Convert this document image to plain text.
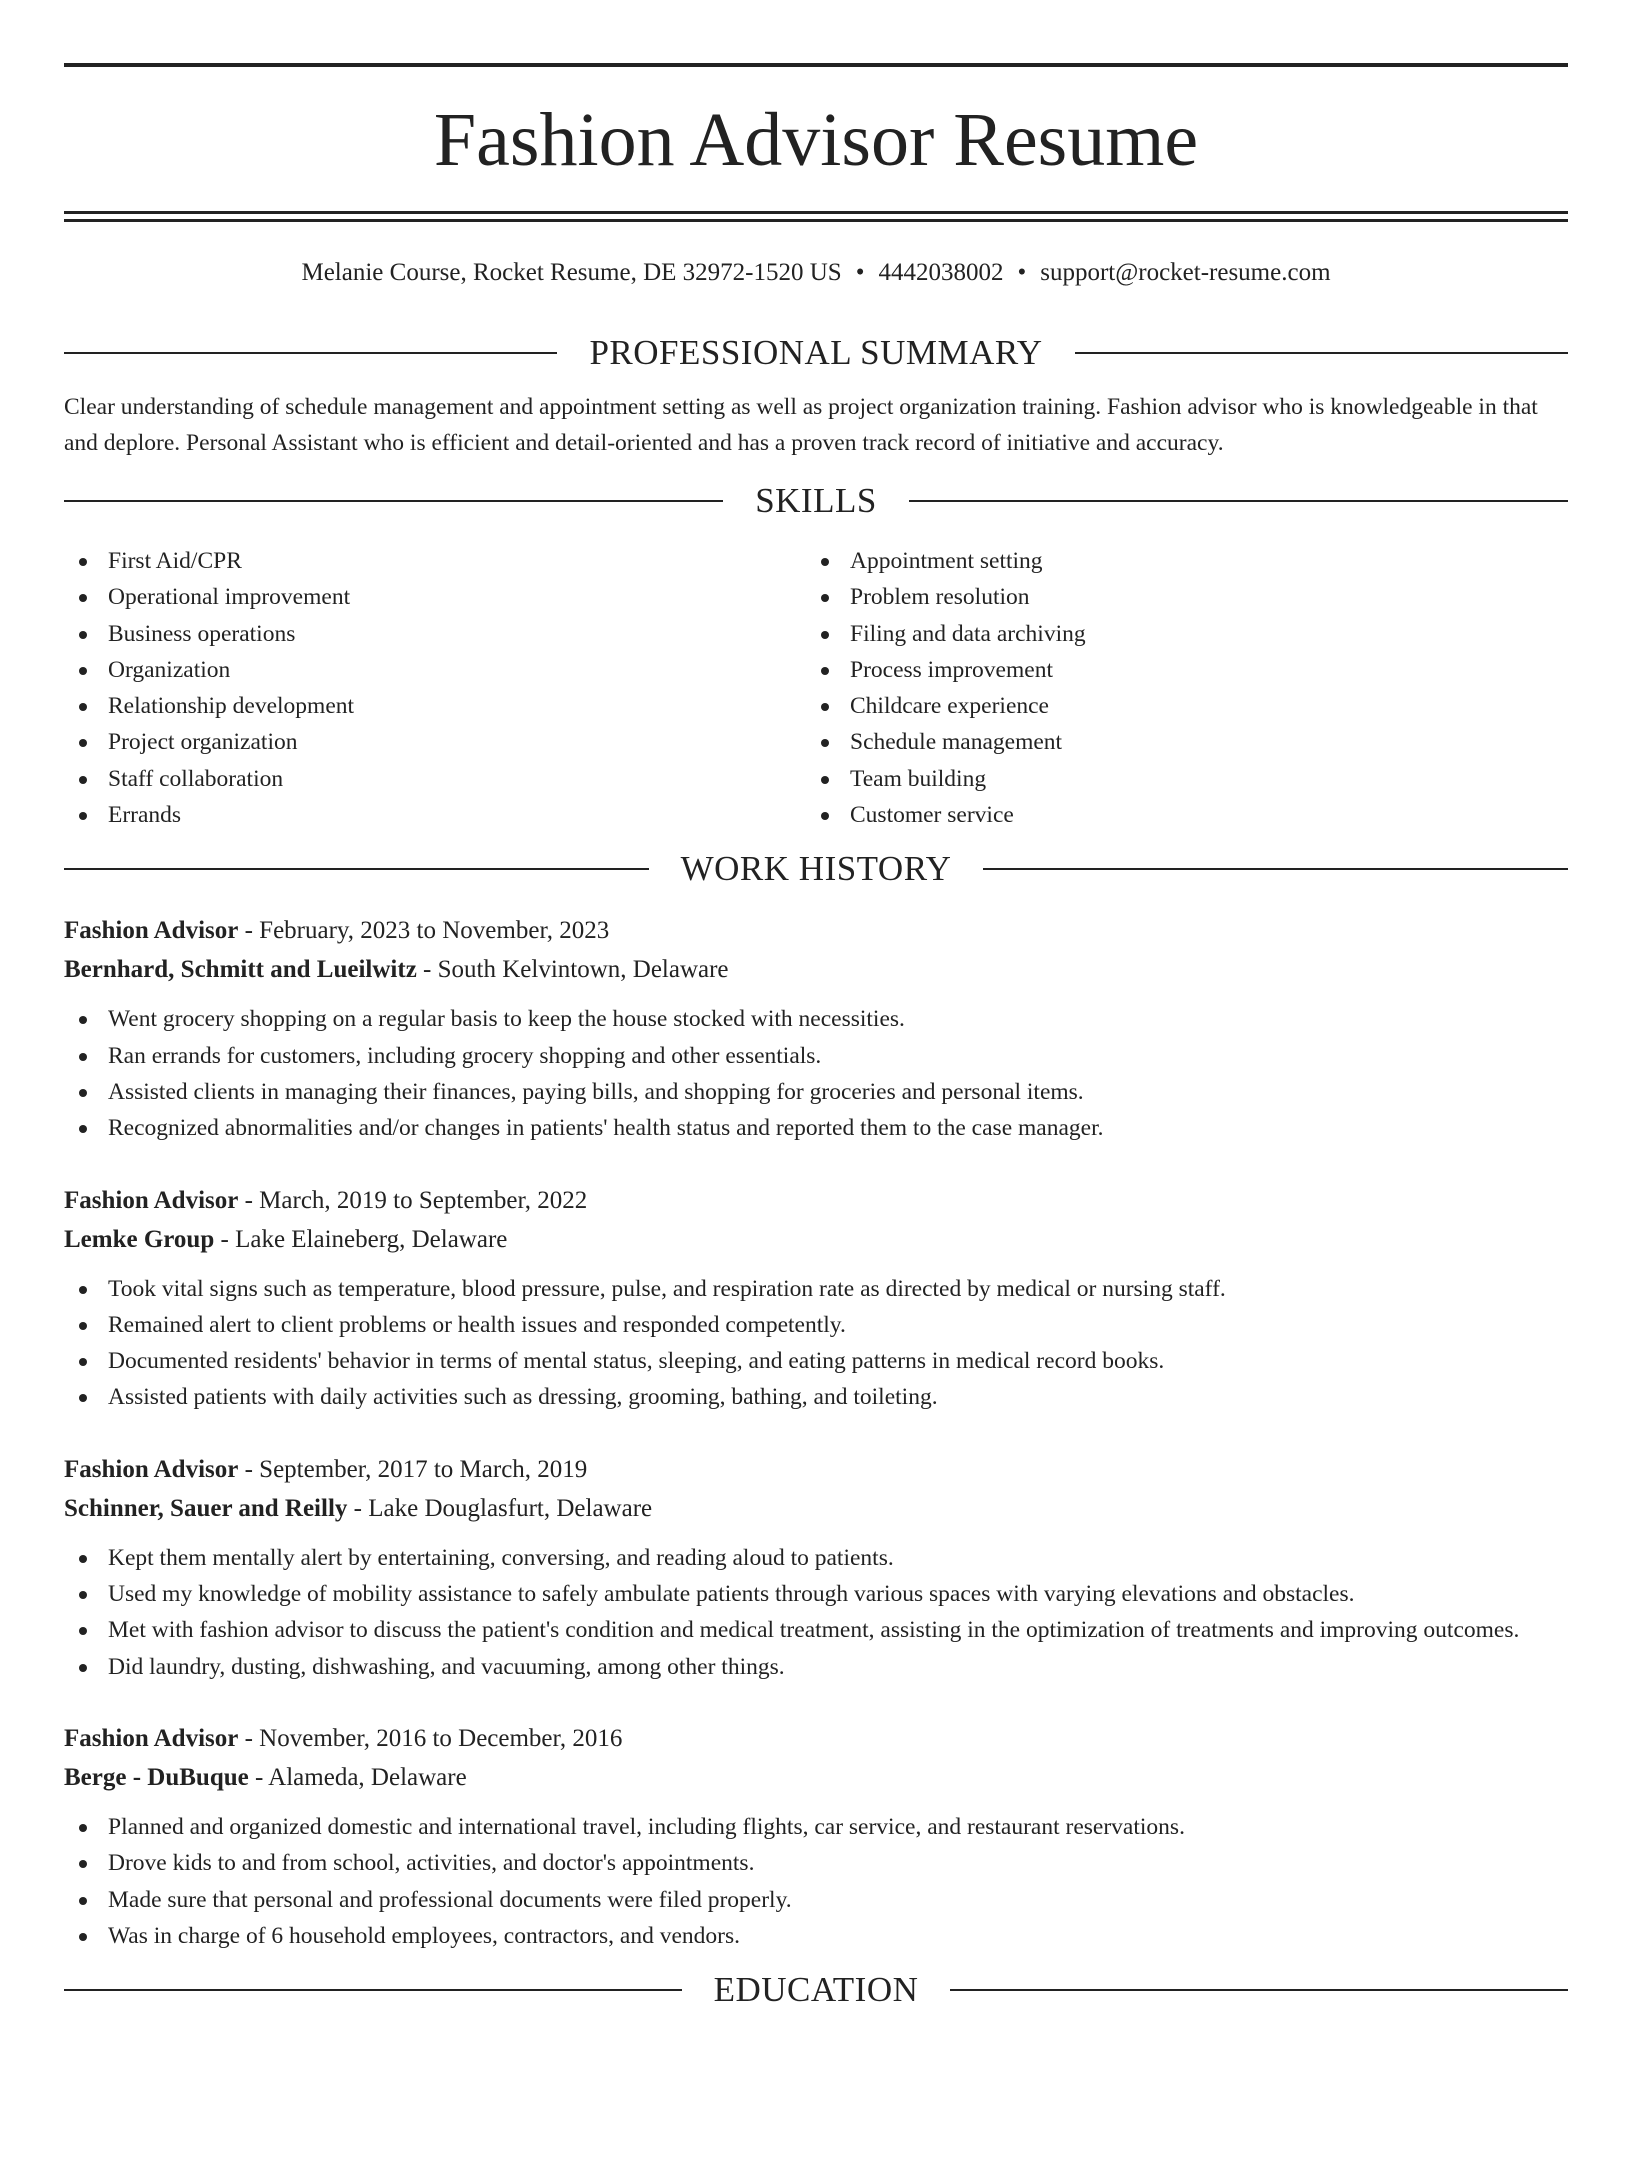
Fashion Advisor Resume
Melanie Course, Rocket Resume, DE 32972-1520 US • 4442038002 • support@rocket-resume.com
PROFESSIONAL SUMMARY
Clear understanding of schedule management and appointment setting as well as project organization training. Fashion advisor who is knowledgeable in that and deplore. Personal Assistant who is efficient and detail-oriented and has a proven track record of initiative and accuracy.
SKILLS
First Aid/CPR
Operational improvement
Business operations
Organization
Relationship development
Project organization
Staff collaboration
Errands
Appointment setting
Problem resolution
Filing and data archiving
Process improvement
Childcare experience
Schedule management
Team building
Customer service
WORK HISTORY
Fashion Advisor - February, 2023 to November, 2023
Bernhard, Schmitt and Lueilwitz - South Kelvintown, Delaware
Went grocery shopping on a regular basis to keep the house stocked with necessities.
Ran errands for customers, including grocery shopping and other essentials.
Assisted clients in managing their finances, paying bills, and shopping for groceries and personal items.
Recognized abnormalities and/or changes in patients' health status and reported them to the case manager.
Fashion Advisor - March, 2019 to September, 2022
Lemke Group - Lake Elaineberg, Delaware
Took vital signs such as temperature, blood pressure, pulse, and respiration rate as directed by medical or nursing staff.
Remained alert to client problems or health issues and responded competently.
Documented residents' behavior in terms of mental status, sleeping, and eating patterns in medical record books.
Assisted patients with daily activities such as dressing, grooming, bathing, and toileting.
Fashion Advisor - September, 2017 to March, 2019
Schinner, Sauer and Reilly - Lake Douglasfurt, Delaware
Kept them mentally alert by entertaining, conversing, and reading aloud to patients.
Used my knowledge of mobility assistance to safely ambulate patients through various spaces with varying elevations and obstacles.
Met with fashion advisor to discuss the patient's condition and medical treatment, assisting in the optimization of treatments and improving outcomes.
Did laundry, dusting, dishwashing, and vacuuming, among other things.
Fashion Advisor - November, 2016 to December, 2016
Berge - DuBuque - Alameda, Delaware
Planned and organized domestic and international travel, including flights, car service, and restaurant reservations.
Drove kids to and from school, activities, and doctor's appointments.
Made sure that personal and professional documents were filed properly.
Was in charge of 6 household employees, contractors, and vendors.
EDUCATION
